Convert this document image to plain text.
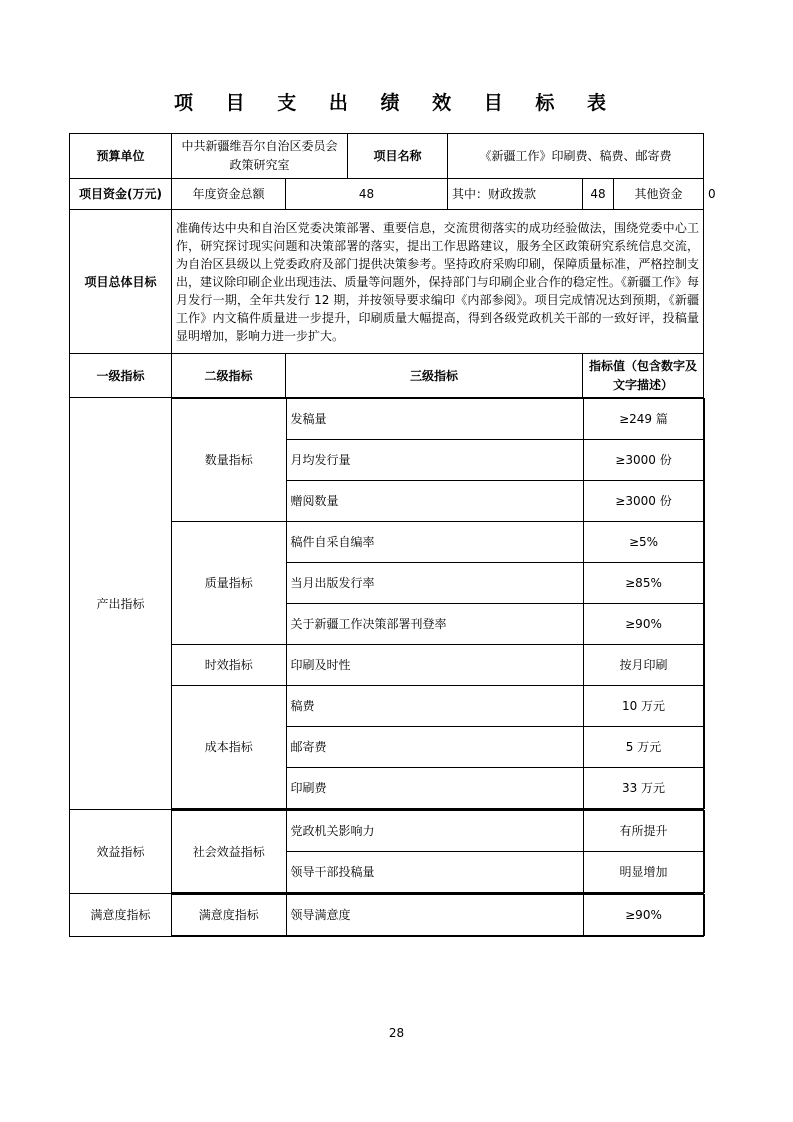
项 目 支 出 绩 效 目 标 表
预算单位	中共新疆维吾尔自治区委员会政策研究室	项目名称	《新疆工作》印刷费、稿费、邮寄费
项目资金(万元)	年度资金总额	48	其中：财政拨款	48	其他资金	0
项目总体目标	准确传达中央和自治区党委决策部署、重要信息，交流贯彻落实的成功经验做法，围绕党委中心工作，研究探讨现实问题和决策部署的落实，提出工作思路建议，服务全区政策研究系统信息交流，为自治区县级以上党委政府及部门提供决策参考。坚持政府采购印刷，保障质量标准，严格控制支出，建议除印刷企业出现违法、质量等问题外，保持部门与印刷企业合作的稳定性。《新疆工作》每月发行一期，全年共发行 12 期，并按领导要求编印《内部参阅》。项目完成情况达到预期，《新疆工作》内文稿件质量进一步提升，印刷质量大幅提高，得到各级党政机关干部的一致好评，投稿量显明增加，影响力进一步扩大。
一级指标	二级指标	三级指标	指标值（包含数字及文字描述）
产出指标	
数量指标	发稿量	≥249 篇
月均发行量	≥3000 份
赠阅数量	≥3000 份
质量指标	稿件自采自编率	≥5%
当月出版发行率	≥85%
关于新疆工作决策部署刊登率	≥90%
时效指标	印刷及时性	按月印刷
成本指标	稿费	10 万元
邮寄费	5 万元
印刷费	33 万元

效益指标		社会效益指标	党政机关影响力	有所提升
领导干部投稿量	明显增加

满意度指标		满意度指标	领导满意度	≥90%
28
